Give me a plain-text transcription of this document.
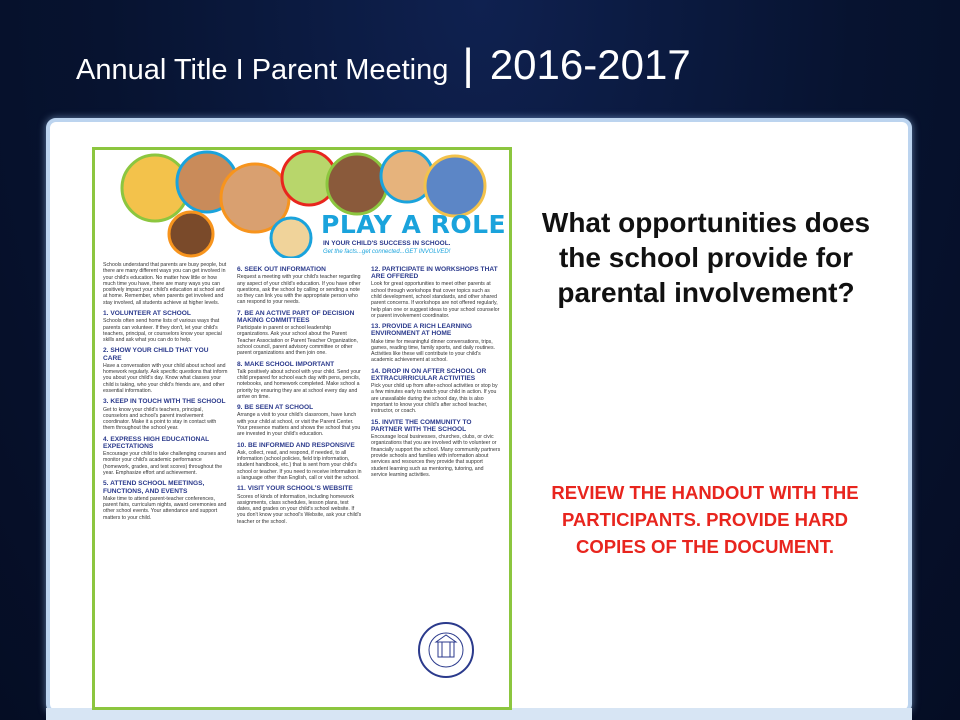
Annual Title I Parent Meeting | 2016-2017
PLAY A ROLE
IN YOUR CHILD'S SUCCESS IN SCHOOL.
Get the facts...get connected...GET INVOLVED!

Schools understand that parents are busy people, but there are many different ways you can get involved in your child's education. No matter how little or how much time you have, there are many ways you can positively impact your child's education at school and at home. Remember, when parents get involved and stay involved, all students achieve at higher levels.

1. VOLUNTEER AT SCHOOL

Schools often send home lists of various ways that parents can volunteer. If they don't, let your child's teachers, principal, or counselors know your special skills and ask what you can do to help.

2. SHOW YOUR CHILD THAT YOU CARE

Have a conversation with your child about school and homework regularly. Ask specific questions that inform you about your child's day. Know what classes your child is taking, who your child's friends are, and other essential information.

3. KEEP IN TOUCH WITH THE SCHOOL

Get to know your child's teachers, principal, counselors and school's parent involvement coordinator. Make it a point to stay in contact with them throughout the school year.

4. EXPRESS HIGH EDUCATIONAL EXPECTATIONS

Encourage your child to take challenging courses and monitor your child's academic performance (homework, grades, and test scores) throughout the year. Emphasize effort and achievement.

5. ATTEND SCHOOL MEETINGS, FUNCTIONS, AND EVENTS

Make time to attend parent-teacher conferences, parent fairs, curriculum nights, award ceremonies and other school events. Your attendance and support matters to your child.

6. SEEK OUT INFORMATION

Request a meeting with your child's teacher regarding any aspect of your child's education. If you have other questions, ask the school by calling or sending a note so they can link you with the appropriate person who can respond to your needs.

7. BE AN ACTIVE PART OF DECISION MAKING COMMITTEES

Participate in parent or school leadership organizations. Ask your school about the Parent Teacher Association or Parent Teacher Organization, school council, parent advisory committee or other parent organizations and then join one.

8. MAKE SCHOOL IMPORTANT

Talk positively about school with your child. Send your child prepared for school each day with pens, pencils, notebooks, and homework completed. Make school a priority by ensuring they are at school every day and arrive on time.

9. BE SEEN AT SCHOOL

Arrange a visit to your child's classroom, have lunch with your child at school, or visit the Parent Center. Your presence matters and shows the school that you are invested in your child's education.

10. BE INFORMED AND RESPONSIVE

Ask, collect, read, and respond, if needed, to all information (school policies, field trip information, student handbook, etc.) that is sent from your child's school or teacher. If you need to receive information in a language other than English, call or visit the school.

11. VISIT YOUR SCHOOL'S WEBSITE

Scores of kinds of information, including homework assignments, class schedules, lesson plans, test dates, and grades on your child's school website. If you don't know your school's Website, ask your child's teacher or the school.

12. PARTICIPATE IN WORKSHOPS THAT ARE OFFERED

Look for great opportunities to meet other parents at school through workshops that cover topics such as child development, school standards, and other shared parent concerns. If workshops are not offered regularly, help plan one or suggest ideas to your school counselor or parent involvement coordinator.

13. PROVIDE A RICH LEARNING ENVIRONMENT AT HOME

Make time for meaningful dinner conversations, trips, games, reading time, family sports, and daily routines. Activities like these will contribute to your child's academic achievement at school.

14. DROP IN ON AFTER SCHOOL OR EXTRACURRICULAR ACTIVITIES

Pick your child up from after-school activities or stop by a few minutes early to watch your child in action. If you are unavailable during the school day, this is also important to know your child's after school teacher, instructor, or coach.

15. INVITE THE COMMUNITY TO PARTNER WITH THE SCHOOL

Encourage local businesses, churches, clubs, or civic organizations that you are involved with to volunteer or financially support the school. Many community partners provide schools and families with information about services and resources they provide that support student learning such as mentoring, tutoring, and service learning activities.

What opportunities does the school provide for parental involvement?
REVIEW THE HANDOUT WITH THE PARTICIPANTS. PROVIDE HARD COPIES OF THE DOCUMENT.
